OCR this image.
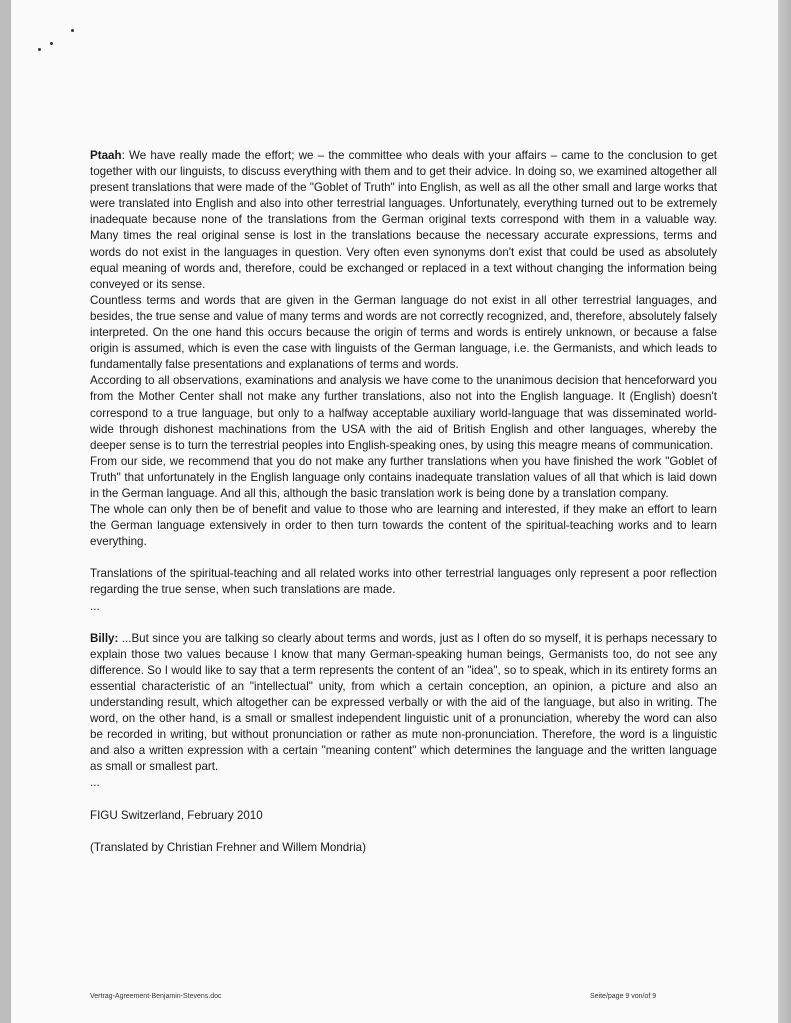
Ptaah: We have really made the effort; we – the committee who deals with your affairs – came to the conclusion to get together with our linguists, to discuss everything with them and to get their advice. In doing so, we examined altogether all present translations that were made of the "Goblet of Truth" into English, as well as all the other small and large works that were translated into English and also into other terrestrial languages. Unfortunately, everything turned out to be extremely inadequate because none of the translations from the German original texts correspond with them in a valuable way. Many times the real original sense is lost in the translations because the necessary accurate expressions, terms and words do not exist in the languages in question. Very often even synonyms don't exist that could be used as absolutely equal meaning of words and, therefore, could be exchanged or replaced in a text without changing the information being conveyed or its sense.

Countless terms and words that are given in the German language do not exist in all other terrestrial languages, and besides, the true sense and value of many terms and words are not correctly recognized, and, therefore, absolutely falsely interpreted. On the one hand this occurs because the origin of terms and words is entirely unknown, or because a false origin is assumed, which is even the case with linguists of the German language, i.e. the Germanists, and which leads to fundamentally false presentations and explanations of terms and words.

According to all observations, examinations and analysis we have come to the unanimous decision that henceforward you from the Mother Center shall not make any further translations, also not into the English language. It (English) doesn't correspond to a true language, but only to a halfway acceptable auxiliary world-language that was disseminated world-wide through dishonest machinations from the USA with the aid of British English and other languages, whereby the deeper sense is to turn the terrestrial peoples into English-speaking ones, by using this meagre means of communication.

From our side, we recommend that you do not make any further translations when you have finished the work "Goblet of Truth" that unfortunately in the English language only contains inadequate translation values of all that which is laid down in the German language. And all this, although the basic translation work is being done by a translation company.

The whole can only then be of benefit and value to those who are learning and interested, if they make an effort to learn the German language extensively in order to then turn towards the content of the spiritual-teaching works and to learn everything.

Translations of the spiritual-teaching and all related works into other terrestrial languages only represent a poor reflection regarding the true sense, when such translations are made.

...

Billy: ...But since you are talking so clearly about terms and words, just as I often do so myself, it is perhaps necessary to explain those two values because I know that many German-speaking human beings, Germanists too, do not see any difference. So I would like to say that a term represents the content of an "idea", so to speak, which in its entirety forms an essential characteristic of an "intellectual" unity, from which a certain conception, an opinion, a picture and also an understanding result, which altogether can be expressed verbally or with the aid of the language, but also in writing. The word, on the other hand, is a small or smallest independent linguistic unit of a pronunciation, whereby the word can also be recorded in writing, but without pronunciation or rather as mute non-pronunciation. Therefore, the word is a linguistic and also a written expression with a certain "meaning content" which determines the language and the written language as small or smallest part.

...

FIGU Switzerland, February 2010

(Translated by Christian Frehner and Willem Mondria)

Vertrag-Agreement-Benjamin-Stevens.doc	Seite/page 9 von/of 9
